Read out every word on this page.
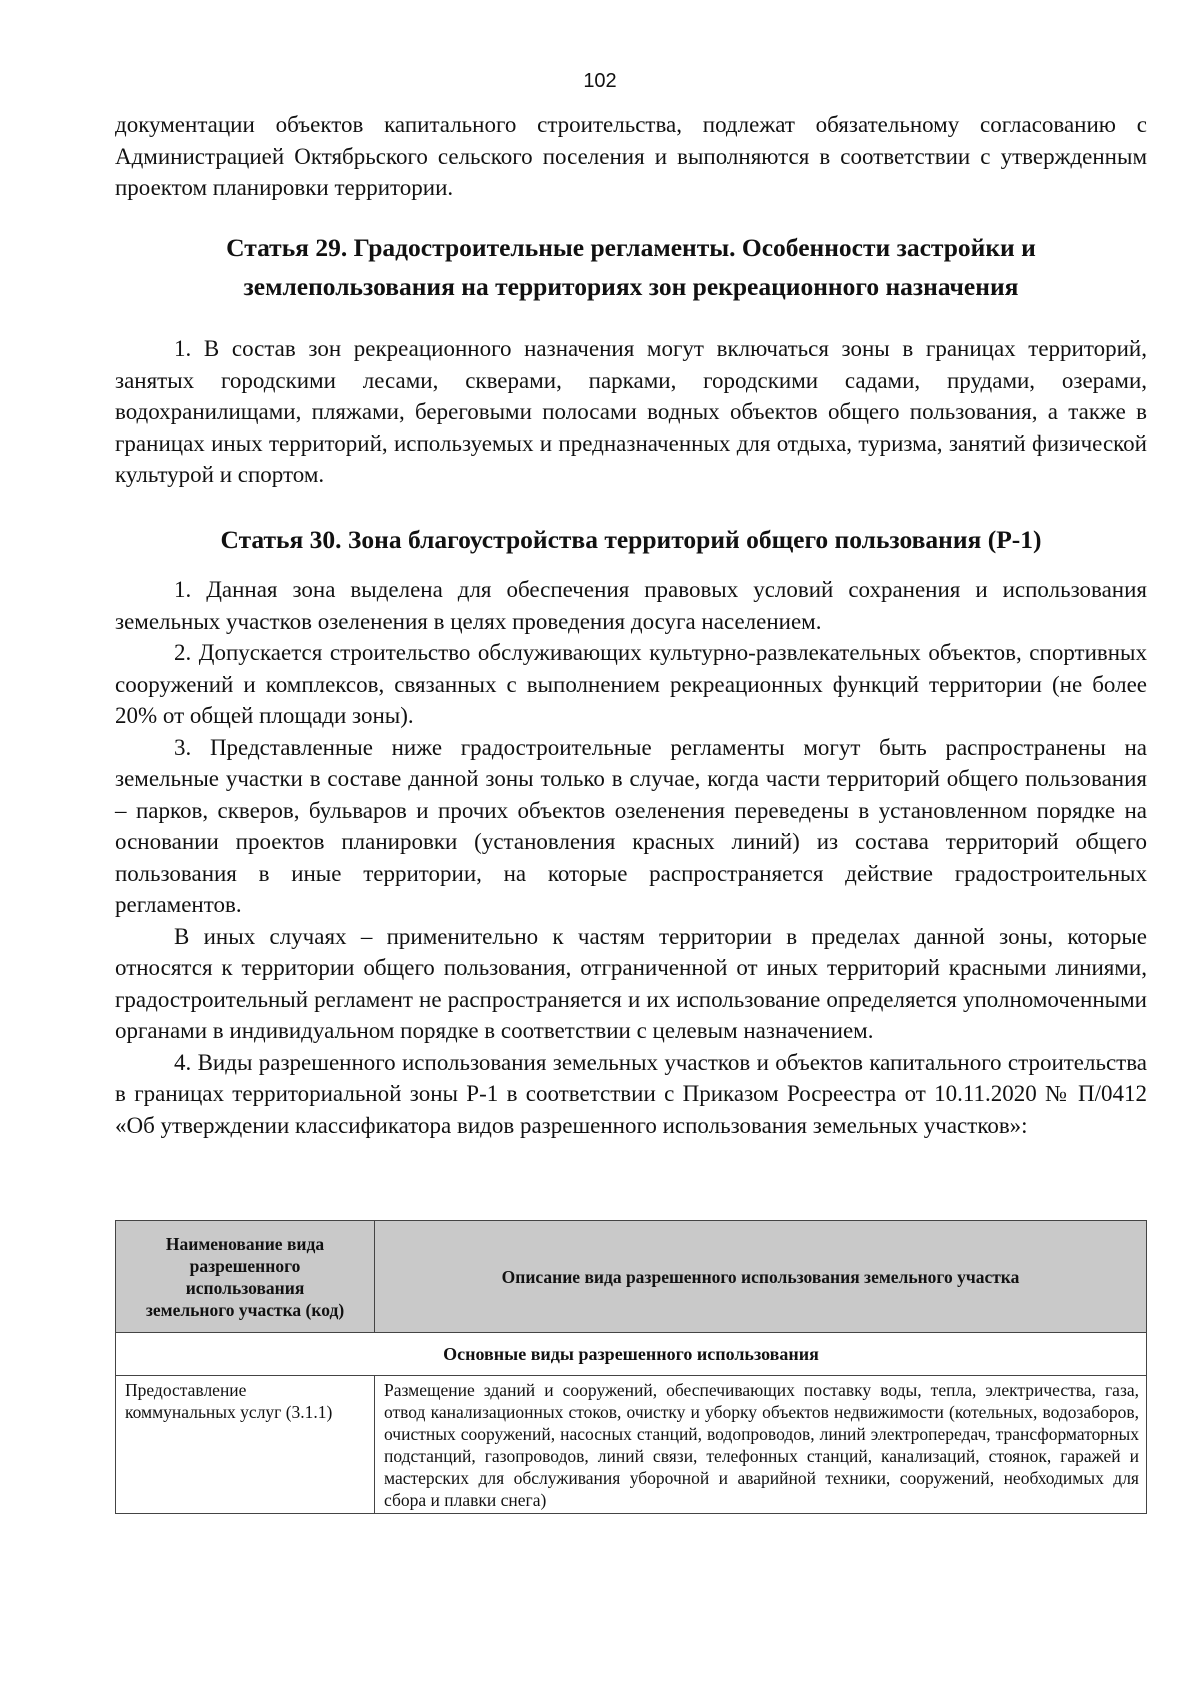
102

документации объектов капитального строительства, подлежат обязательному согласованию с Администрацией Октябрьского сельского поселения и выполняются в соответствии с утвержденным проектом планировки территории.

Статья 29. Градостроительные регламенты. Особенности застройки и
землепользования на территориях зон рекреационного назначения

1. В состав зон рекреационного назначения могут включаться зоны в границах территорий, занятых городскими лесами, скверами, парками, городскими садами, прудами, озерами, водохранилищами, пляжами, береговыми полосами водных объектов общего пользования, а также в границах иных территорий, используемых и предназначенных для отдыха, туризма, занятий физической культурой и спортом.

Статья 30. Зона благоустройства территорий общего пользования (Р-1)

1. Данная зона выделена для обеспечения правовых условий сохранения и использования земельных участков озеленения в целях проведения досуга населением.

2. Допускается строительство обслуживающих культурно-развлекательных объектов, спортивных сооружений и комплексов, связанных с выполнением рекреационных функций территории (не более 20% от общей площади зоны).

3. Представленные ниже градостроительные регламенты могут быть распространены на земельные участки в составе данной зоны только в случае, когда части территорий общего пользования – парков, скверов, бульваров и прочих объектов озеленения переведены в установленном порядке на основании проектов планировки (установления красных линий) из состава территорий общего пользования в иные территории, на которые распространяется действие градостроительных регламентов.

В иных случаях – применительно к частям территории в пределах данной зоны, которые относятся к территории общего пользования, отграниченной от иных территорий красными линиями, градостроительный регламент не распространяется и их использование определяется уполномоченными органами в индивидуальном порядке в соответствии с целевым назначением.

4. Виды разрешенного использования земельных участков и объектов капитального строительства в границах территориальной зоны Р-1 в соответствии с Приказом Росреестра от 10.11.2020 № П/0412 «Об утверждении классификатора видов разрешенного использования земельных участков»:

Наименование вида
разрешенного
использования
земельного участка (код)	Описание вида разрешенного использования земельного участка
Основные виды разрешенного использования	
Предоставление
коммунальных услуг (3.1.1)	Размещение зданий и сооружений, обеспечивающих поставку воды, тепла, электричества, газа, отвод канализационных стоков, очистку и уборку объектов недвижимости (котельных, водозаборов, очистных сооружений, насосных станций, водопроводов, линий электропередач, трансформаторных подстанций, газопроводов, линий связи, телефонных станций, канализаций, стоянок, гаражей и мастерских для обслуживания уборочной и аварийной техники, сооружений, необходимых для сбора и плавки снега)
